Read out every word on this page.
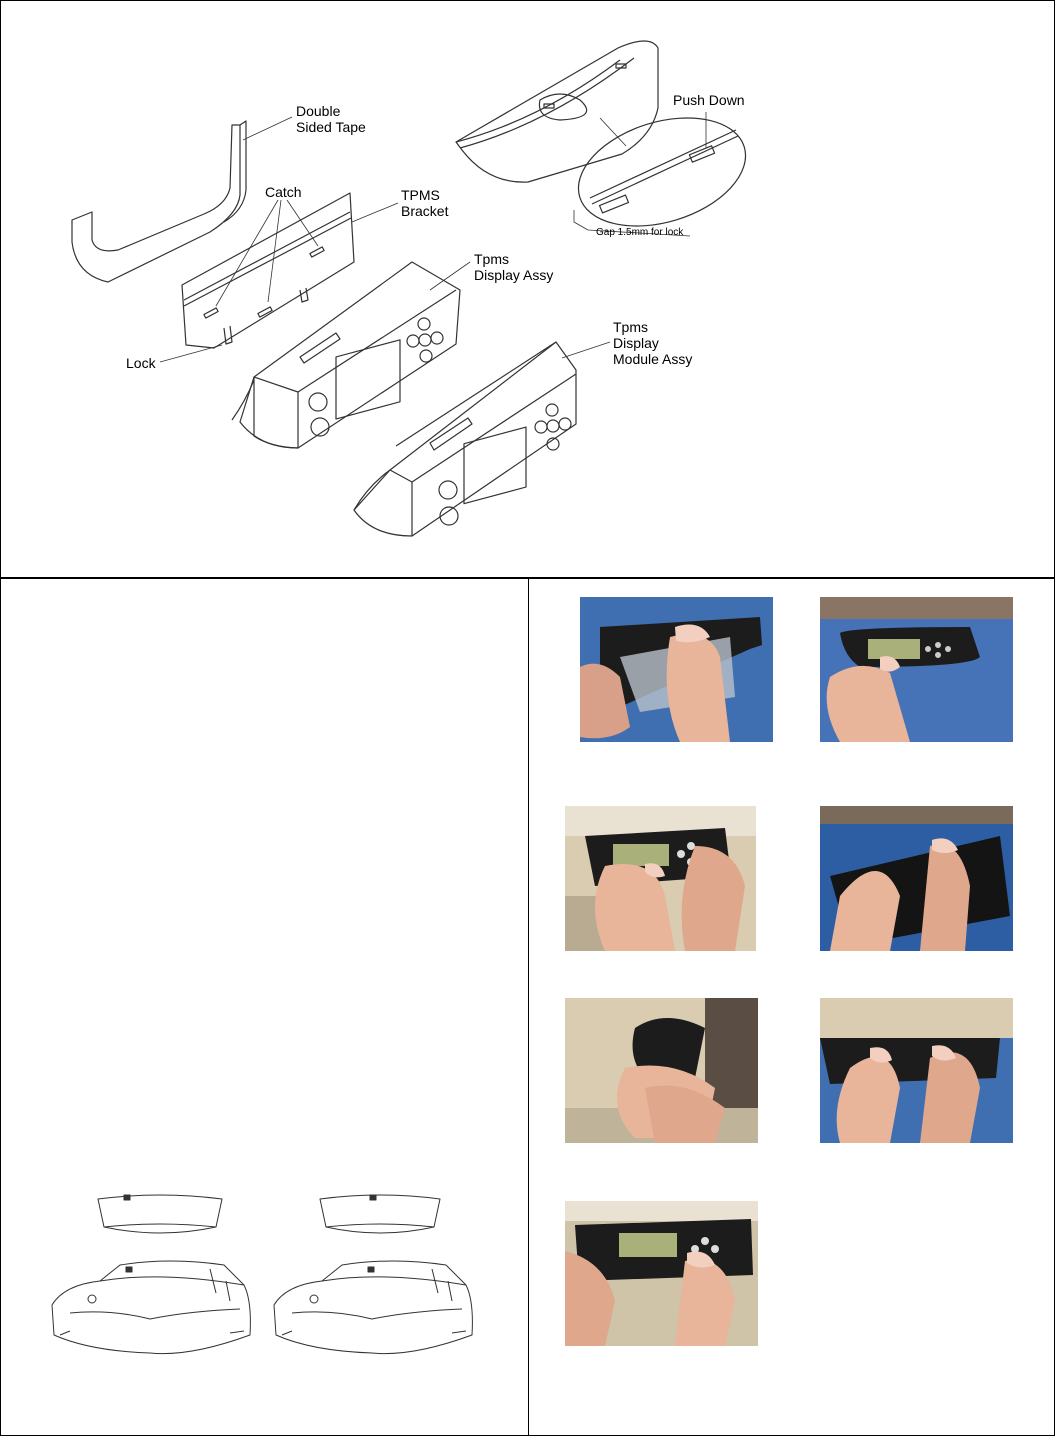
Double
Sided Tape
Catch	TPMS
Bracket
Tpms
Display Assy
Lock
Tpms
Display
Module Assy
Push Down
Gap 1.5mm for lock
